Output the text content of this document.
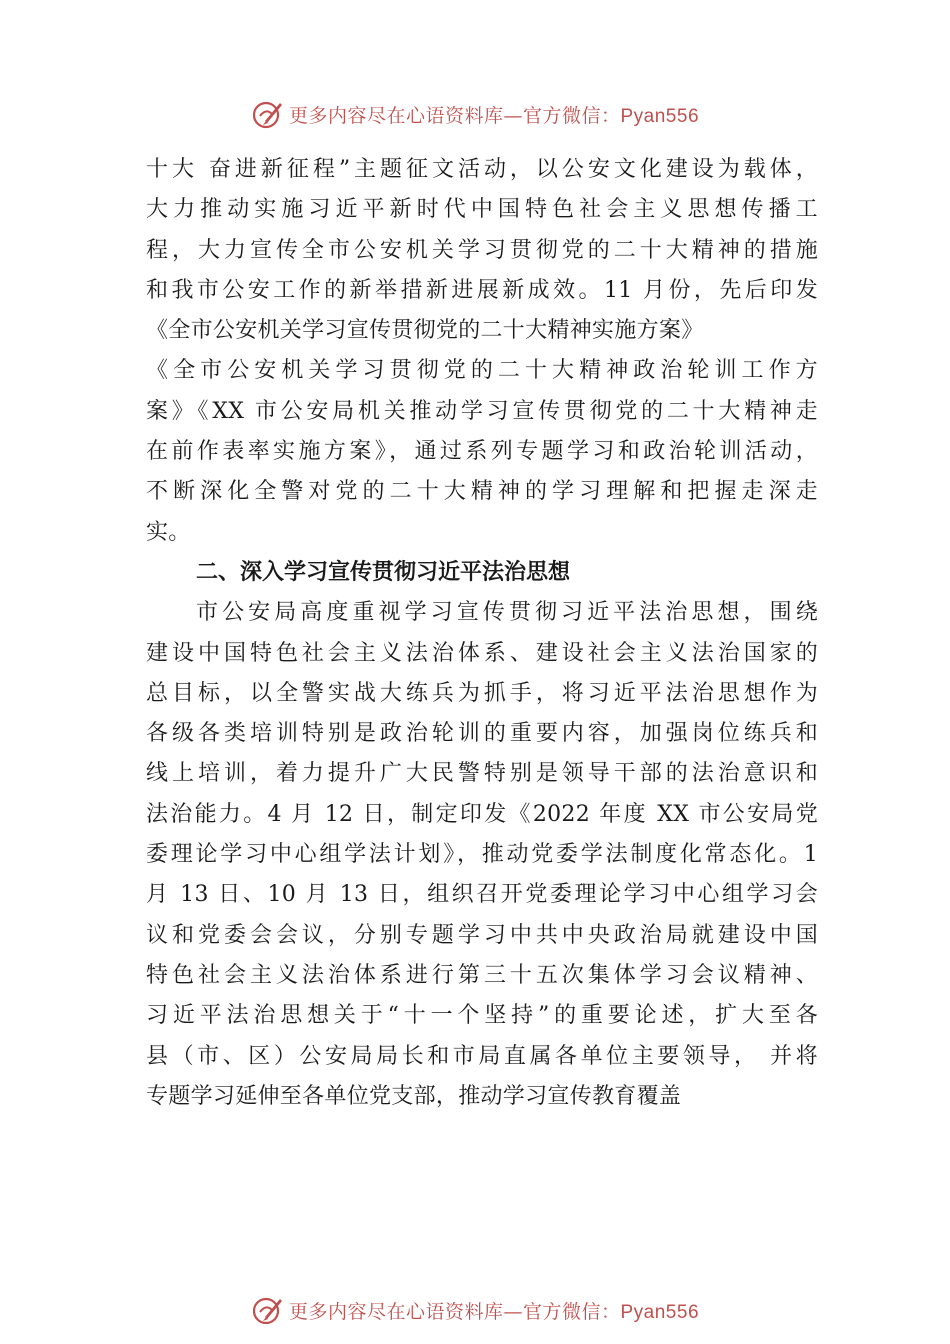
更多内容尽在心语资料库—官方微信：Pyan556
十大 奋进新征程”主题征文活动，以公安文化建设为载体，
大力推动实施习近平新时代中国特色社会主义思想传播工
程，大力宣传全市公安机关学习贯彻党的二十大精神的措施
和我市公安工作的新举措新进展新成效。11 月份，先后印发
《全市公安机关学习宣传贯彻党的二十大精神实施方案》
《全市公安机关学习贯彻党的二十大精神政治轮训工作方
案》《XX 市公安局机关推动学习宣传贯彻党的二十大精神走
在前作表率实施方案》，通过系列专题学习和政治轮训活动，
不断深化全警对党的二十大精神的学习理解和把握走深走
实。
二、深入学习宣传贯彻习近平法治思想
市公安局高度重视学习宣传贯彻习近平法治思想，围绕
建设中国特色社会主义法治体系、建设社会主义法治国家的
总目标，以全警实战大练兵为抓手，将习近平法治思想作为
各级各类培训特别是政治轮训的重要内容，加强岗位练兵和
线上培训，着力提升广大民警特别是领导干部的法治意识和
法治能力。4 月 12 日，制定印发《2022 年度 XX 市公安局党
委理论学习中心组学法计划》，推动党委学法制度化常态化。1
月 13 日、10 月 13 日，组织召开党委理论学习中心组学习会
议和党委会会议，分别专题学习中共中央政治局就建设中国
特色社会主义法治体系进行第三十五次集体学习会议精神、
习近平法治思想关于“十一个坚持”的重要论述，扩大至各
县（市、区）公安局局长和市局直属各单位主要领导， 并将
专题学习延伸至各单位党支部，推动学习宣传教育覆盖
更多内容尽在心语资料库—官方微信：Pyan556
